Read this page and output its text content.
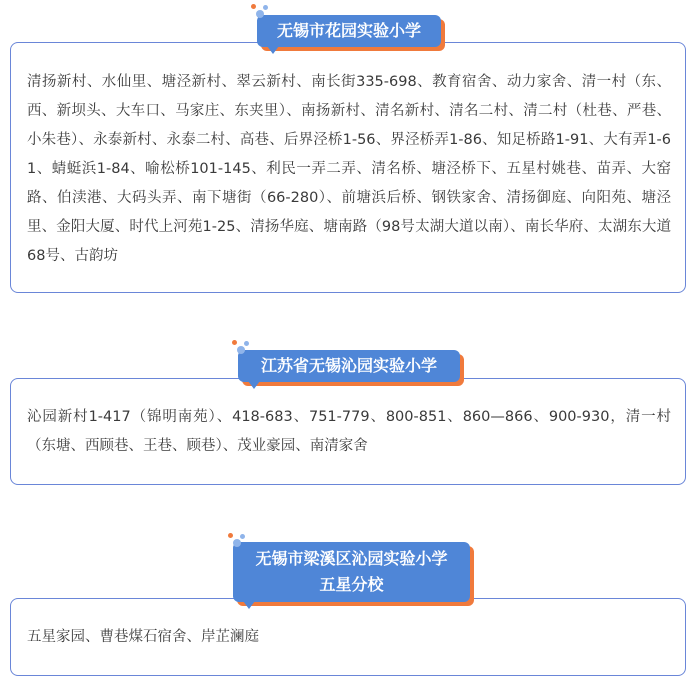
清扬新村、水仙里、塘泾新村、翠云新村、南长街335-698、教育宿舍、动力家舍、清一村（东、西、新坝头、大车口、马家庄、东夹里）、南扬新村、清名新村、清名二村、清二村（杜巷、严巷、小朱巷）、永泰新村、永泰二村、高巷、后界泾桥1-56、界泾桥弄1-86、知足桥路1-91、大有弄1-61、蜻蜓浜1-84、喻松桥101-145、利民一弄二弄、清名桥、塘泾桥下、五星村姚巷、苗弄、大窑路、伯渎港、大码头弄、南下塘街（66-280）、前塘浜后桥、钢铁家舍、清扬御庭、向阳苑、塘泾里、金阳大厦、时代上河苑1-25、清扬华庭、塘南路（98号太湖大道以南）、南长华府、太湖东大道68号、古韵坊
无锡市花园实验小学
沁园新村1-417（锦明南苑）、418-683、751-779、800-851、860—866、900-930，清一村（东塘、西顾巷、王巷、顾巷）、茂业豪园、南清家舍
江苏省无锡沁园实验小学
五星家园、曹巷煤石宿舍、岸芷澜庭
无锡市梁溪区沁园实验小学
五星分校
